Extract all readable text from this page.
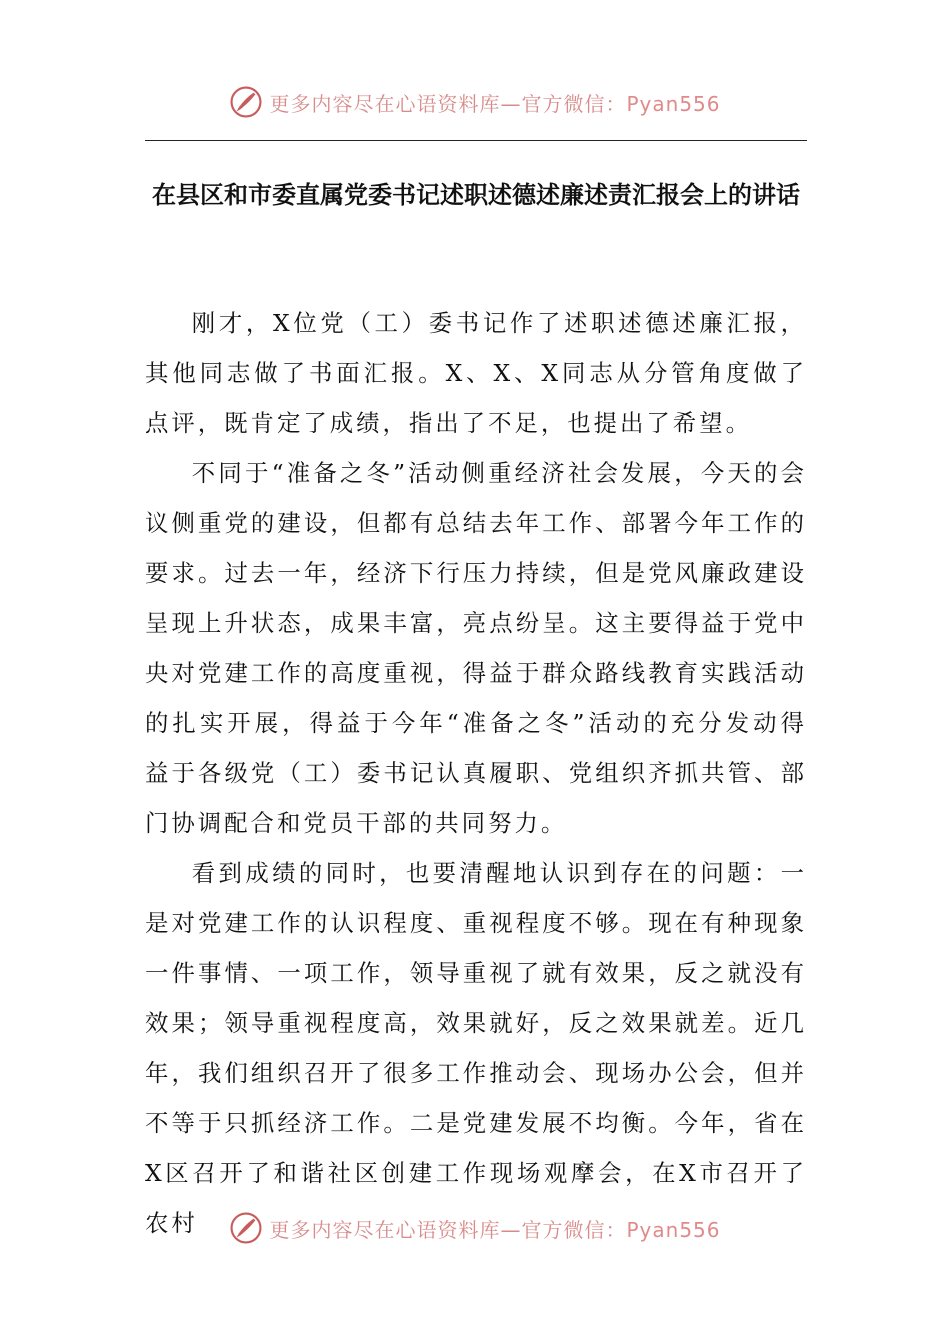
更多内容尽在心语资料库—官方微信：Pyan556
在县区和市委直属党委书记述职述德述廉述责汇报会上的讲话

刚才，X位党（工）委书记作了述职述德述廉汇报，其他同志做了书面汇报。X、X、X同志从分管角度做了点评，既肯定了成绩，指出了不足，也提出了希望。

不同于“准备之冬”活动侧重经济社会发展，今天的会议侧重党的建设，但都有总结去年工作、部署今年工作的要求。过去一年，经济下行压力持续，但是党风廉政建设呈现上升状态，成果丰富，亮点纷呈。这主要得益于党中央对党建工作的高度重视，得益于群众路线教育实践活动的扎实开展，得益于今年“准备之冬”活动的充分发动得益于各级党（工）委书记认真履职、党组织齐抓共管、部门协调配合和党员干部的共同努力。

看到成绩的同时，也要清醒地认识到存在的问题：一是对党建工作的认识程度、重视程度不够。现在有种现象一件事情、一项工作，领导重视了就有效果，反之就没有效果；领导重视程度高，效果就好，反之效果就差。近几年，我们组织召开了很多工作推动会、现场办公会，但并不等于只抓经济工作。二是党建发展不均衡。今年，省在X区召开了和谐社区创建工作现场观摩会，在X市召开了农村	更多内容尽在心语资料库—官方微信：Pyan556
